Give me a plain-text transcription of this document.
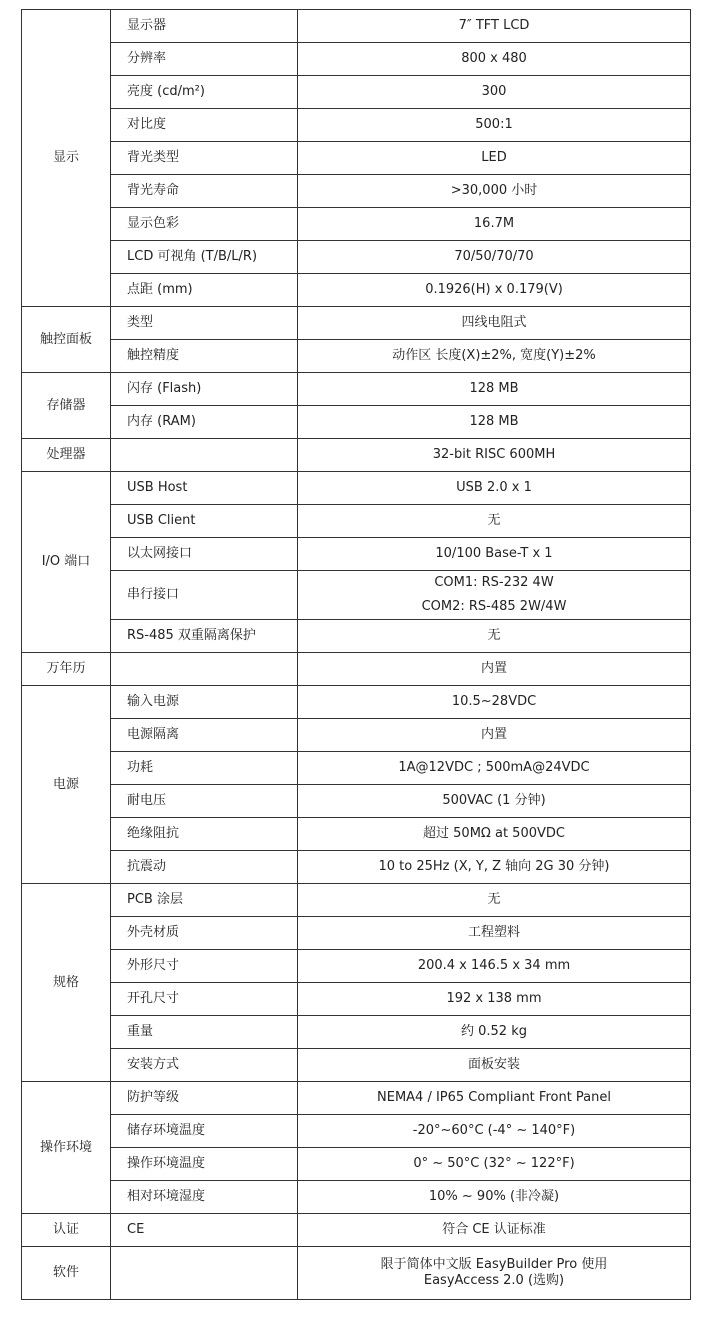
显示	显示器	7″ TFT LCD

	分辨率	800 x 480

	亮度 (cd/m²)	300

	对比度	500:1

	背光类型	LED

	背光寿命	>30,000 小时

	显示色彩	16.7M

	LCD 可视角 (T/B/L/R)	70/50/70/70

	点距 (mm)	0.1926(H) x 0.179(V)

触控面板	类型	四线电阻式

	触控精度	动作区 长度(X)±2%, 宽度(Y)±2%

存储器	闪存 (Flash)	128 MB

	内存 (RAM)	128 MB

处理器		32-bit RISC 600MH

I/O 端口	USB Host	USB 2.0 x 1

	USB Client	无

	以太网接口	10/100 Base-T x 1

	串行接口	COM1: RS-232 4W
COM2: RS-485 2W/4W

	RS-485 双重隔离保护	无

万年历		内置

电源	输入电源	10.5~28VDC

	电源隔离	内置

	功耗	1A@12VDC ; 500mA@24VDC

	耐电压	500VAC (1 分钟)

	绝缘阻抗	超过 50MΩ at 500VDC

	抗震动	10 to 25Hz (X, Y, Z 轴向 2G 30 分钟)

规格	PCB 涂层	无

	外壳材质	工程塑料

	外形尺寸	200.4 x 146.5 x 34 mm

	开孔尺寸	192 x 138 mm

	重量	约 0.52 kg

	安装方式	面板安装

操作环境	防护等级	NEMA4 / IP65 Compliant Front Panel

	储存环境温度	-20°~60°C (-4° ~ 140°F)

	操作环境温度	0° ~ 50°C (32° ~ 122°F)

	相对环境湿度	10% ~ 90% (非冷凝)

认证	CE	符合 CE 认证标准

软件		限于简体中文版 EasyBuilder Pro 使用
EasyAccess 2.0 (选购)
